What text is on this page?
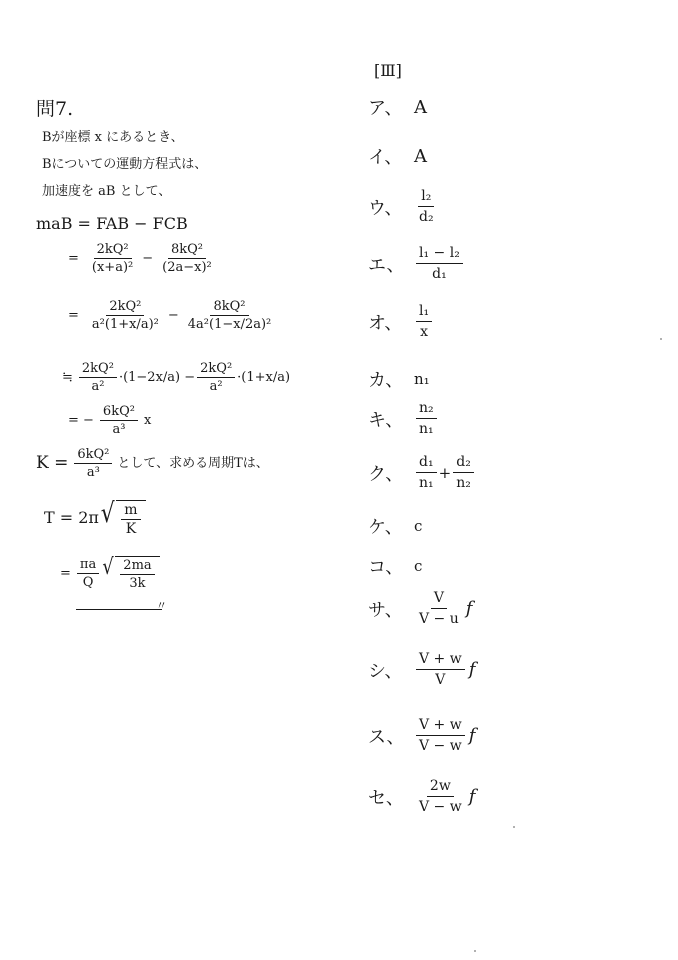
問7.
Bが座標 x にあるとき、
Bについての運動方程式は、
加速度を aB として、
maB = FAB − FCB
= $\frac{\text{2kQ²}}{\text{(x+a)²}} - \frac{\text{8kQ²}}{\text{(2a−x)²}}$
= $\frac{\text{2kQ²}}{\text{a²(1+x/a)²}} - \frac{\text{8kQ²}}{\text{4a²(1−x/2a)²}}$
≒ $\frac{\text{2kQ²}}{\text{a²}} \cdot(1-2x/a) - \frac{\text{2kQ²}}{\text{a²}} \cdot(1+x/a)$
= − $\frac{\text{6kQ²}}{\text{a³}}$ x
$K = \frac{\text{6kQ²}}{\text{a³}}$ として、求める周期Tは、
T = 2π √ $\frac{m}{K}$
= $\frac{\pi a}{Q}$ √ $\frac{2ma}{3k}$
〃
[Ⅲ]
ア、 A
イ、 A
ウ、 $\frac{\text{l₂}}{\text{d₂}}$
エ、 $\frac{\text{l₁ − l₂}}{\text{d₁}}$
オ、 $\frac{\text{l₁}}{x}$
カ、 n₁
キ、 $\frac{\text{n₂}}{\text{n₁}}$
ク、 $\frac{\text{d₁}}{\text{n₁}} + \frac{\text{d₂}}{\text{n₂}}$
ケ、 c
コ、 c
サ、 $\frac{V}{V - u}$ f
シ、 $\frac{V + w}{V}$ f
ス、 $\frac{V + w}{V - w}$ f
セ、 $\frac{2w}{V - w}$ f
